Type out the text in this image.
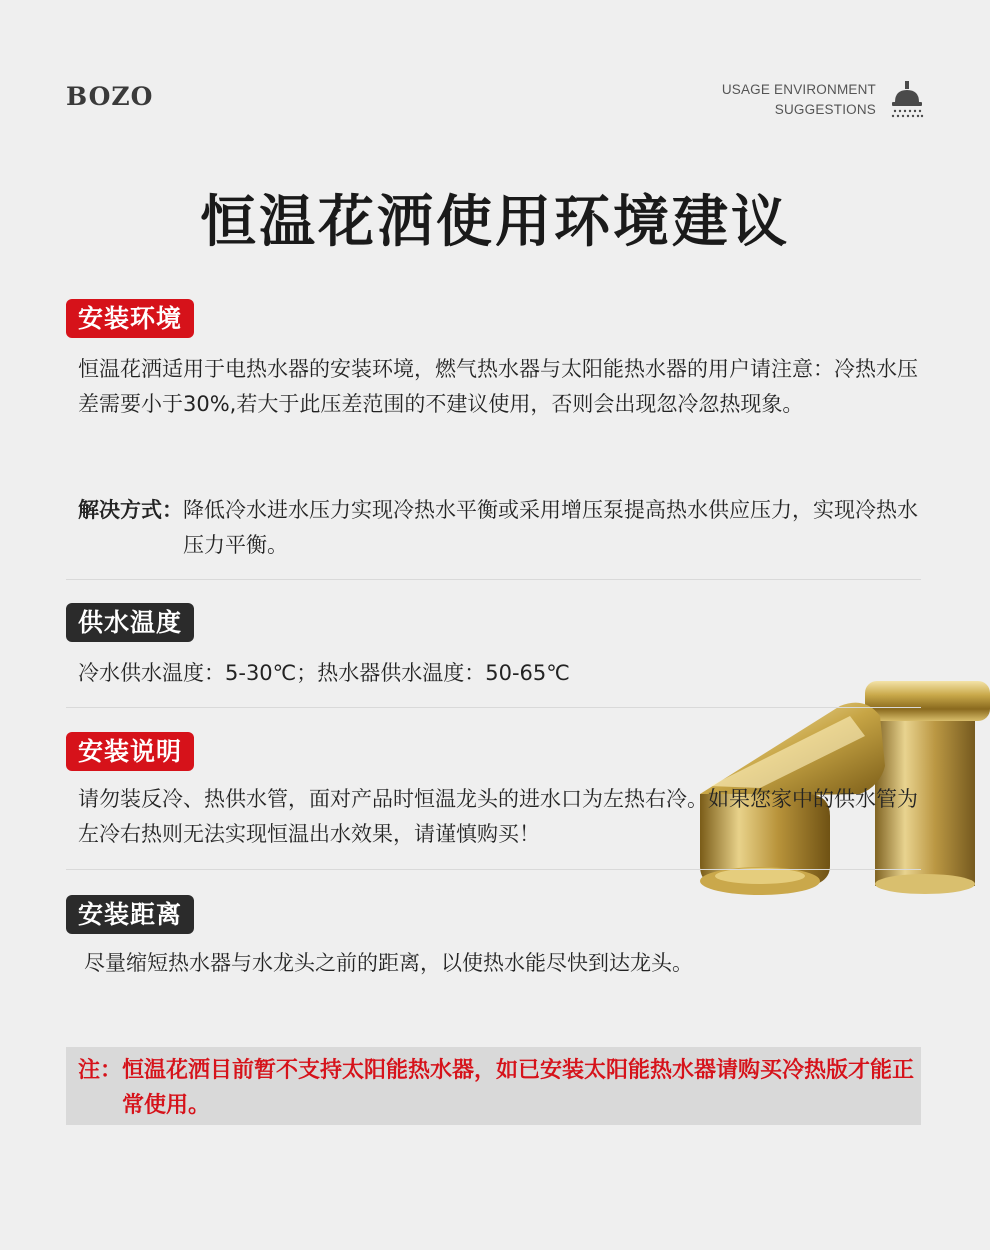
BOZO	USAGE ENVIRONMENT
SUGGESTIONS
恒温花洒使用环境建议
安装环境
恒温花洒适用于电热水器的安装环境，燃气热水器与太阳能热水器的用户请注意：冷热水压差需要小于30%,若大于此压差范围的不建议使用，否则会出现忽冷忽热现象。
解决方式： 降低冷水进水压力实现冷热水平衡或采用增压泵提高热水供应压力，实现冷热水压力平衡。
供水温度
冷水供水温度：5-30℃；热水器供水温度：50-65℃
安装说明
请勿装反冷、热供水管，面对产品时恒温龙头的进水口为左热右冷。如果您家中的供水管为左冷右热则无法实现恒温出水效果，请谨慎购买！
安装距离
尽量缩短热水器与水龙头之前的距离，以使热水能尽快到达龙头。
注： 恒温花洒目前暂不支持太阳能热水器，如已安装太阳能热水器请购买冷热版才能正常使用。
